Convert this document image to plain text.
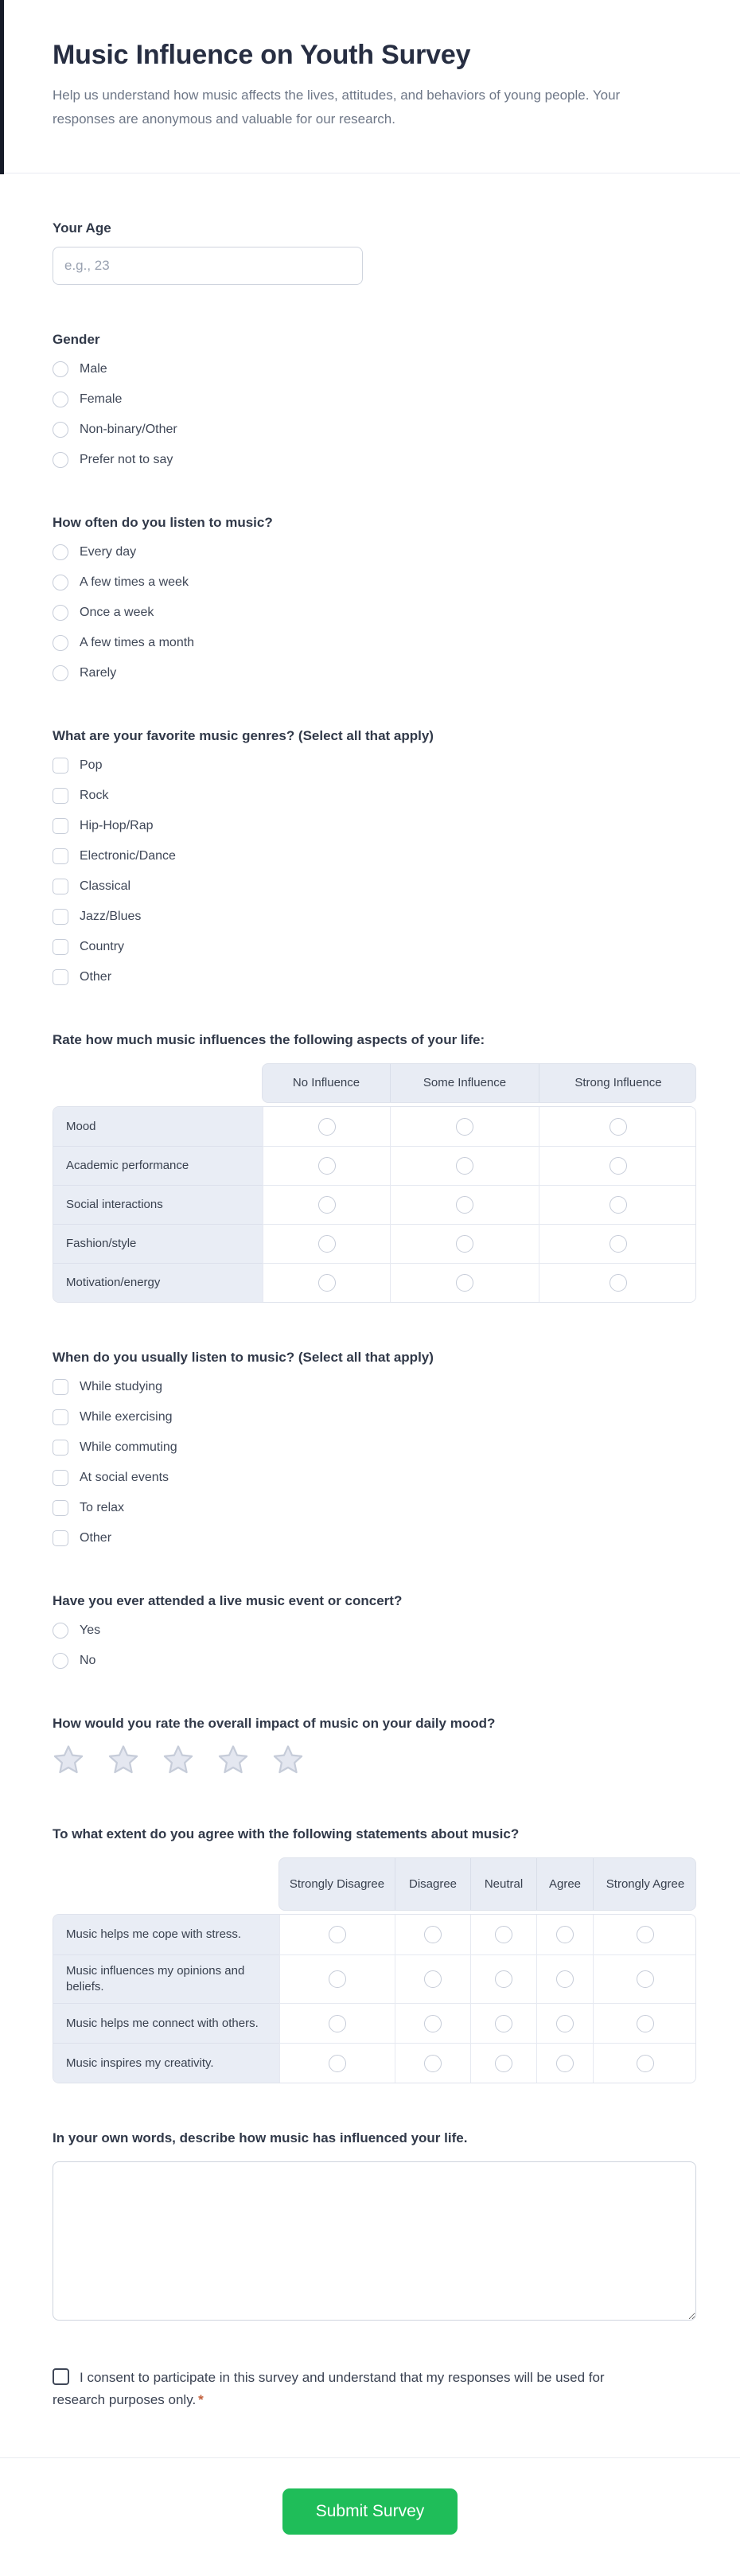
Music Influence on Youth Survey

Help us understand how music affects the lives, attitudes, and behaviors of young people. Your responses are anonymous and valuable for our research.

Your Age
e.g., 23
Gender
Male
Female
Non-binary/Other
Prefer not to say
How often do you listen to music?
Every day
A few times a week
Once a week
A few times a month
Rarely
What are your favorite music genres? (Select all that apply)
Pop
Rock
Hip-Hop/Rap
Electronic/Dance
Classical
Jazz/Blues
Country
Other
Rate how much music influences the following aspects of your life:
No Influence	Some Influence	Strong Influence
Mood
Academic performance
Social interactions
Fashion/style
Motivation/energy
When do you usually listen to music? (Select all that apply)
While studying
While exercising
While commuting
At social events
To relax
Other
Have you ever attended a live music event or concert?
Yes
No
How would you rate the overall impact of music on your daily mood?
To what extent do you agree with the following statements about music?
Strongly Disagree	Disagree	Neutral	Agree	Strongly Agree
Music helps me cope with stress.
Music influences my opinions and beliefs.
Music helps me connect with others.
Music inspires my creativity.
In your own words, describe how music has influenced your life.

I consent to participate in this survey and understand that my responses will be used for research purposes only. *

Submit Survey
